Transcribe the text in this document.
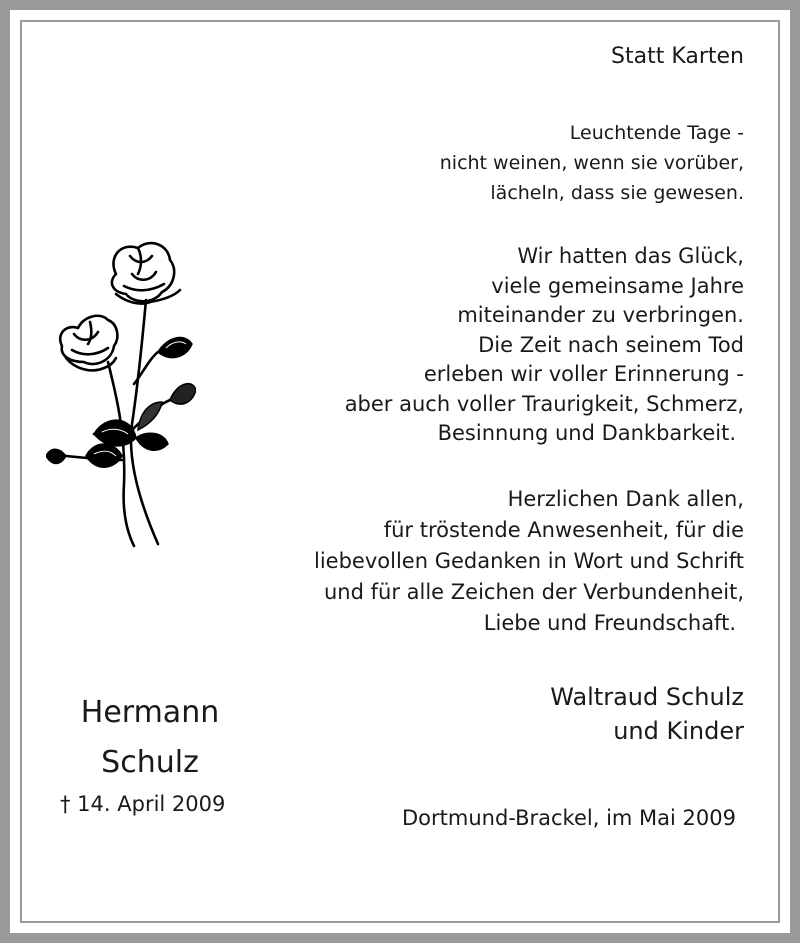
Statt Karten
Leuchtende Tage -
nicht weinen, wenn sie vorüber,
lächeln, dass sie gewesen.
Wir hatten das Glück,
viele gemeinsame Jahre
miteinander zu verbringen.
Die Zeit nach seinem Tod
erleben wir voller Erinnerung -
aber auch voller Traurigkeit, Schmerz,
Besinnung und Dankbarkeit.
Herzlichen Dank allen,
für tröstende Anwesenheit, für die
liebevollen Gedanken in Wort und Schrift
und für alle Zeichen der Verbundenheit,
Liebe und Freundschaft.
Waltraud Schulz
und Kinder
Dortmund-Brackel, im Mai 2009
Hermann
Schulz
† 14. April 2009
